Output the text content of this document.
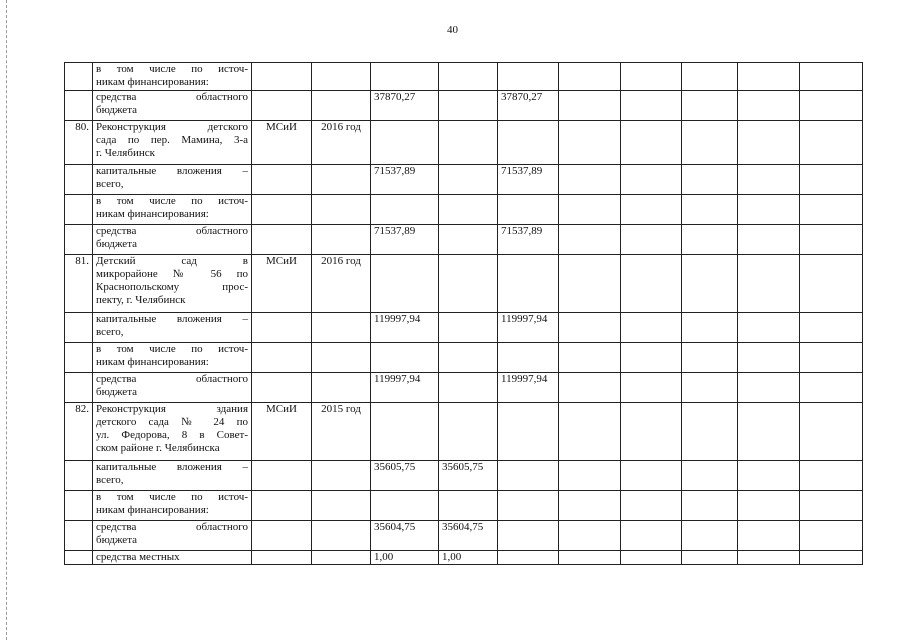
40

	в том числе по источ-
никам финансирования:										

	средства областного
бюджета			37870,27		37870,27					
80.	Реконструкция детского
сада по пер. Мамина, 3-а
г. Челябинск	МСиИ	2016 год								

	капитальные вложения –
всего,			71537,89		71537,89					

	в том числе по источ-
никам финансирования:										

	средства областного
бюджета			71537,89		71537,89					
81.	Детский сад в
микрорайоне № 56 по
Краснопольскому прос-
пекту, г. Челябинск	МСиИ	2016 год								

	капитальные вложения –
всего,			119997,94		119997,94					

	в том числе по источ-
никам финансирования:										

	средства областного
бюджета			119997,94		119997,94					
82.	Реконструкция здания
детского сада № 24 по
ул. Федорова, 8 в Совет-
ском районе г. Челябинска	МСиИ	2015 год								

	капитальные вложения –
всего,			35605,75	35605,75						

	в том числе по источ-
никам финансирования:										

	средства областного
бюджета			35604,75	35604,75						

	средства местных			1,00	1,00						
